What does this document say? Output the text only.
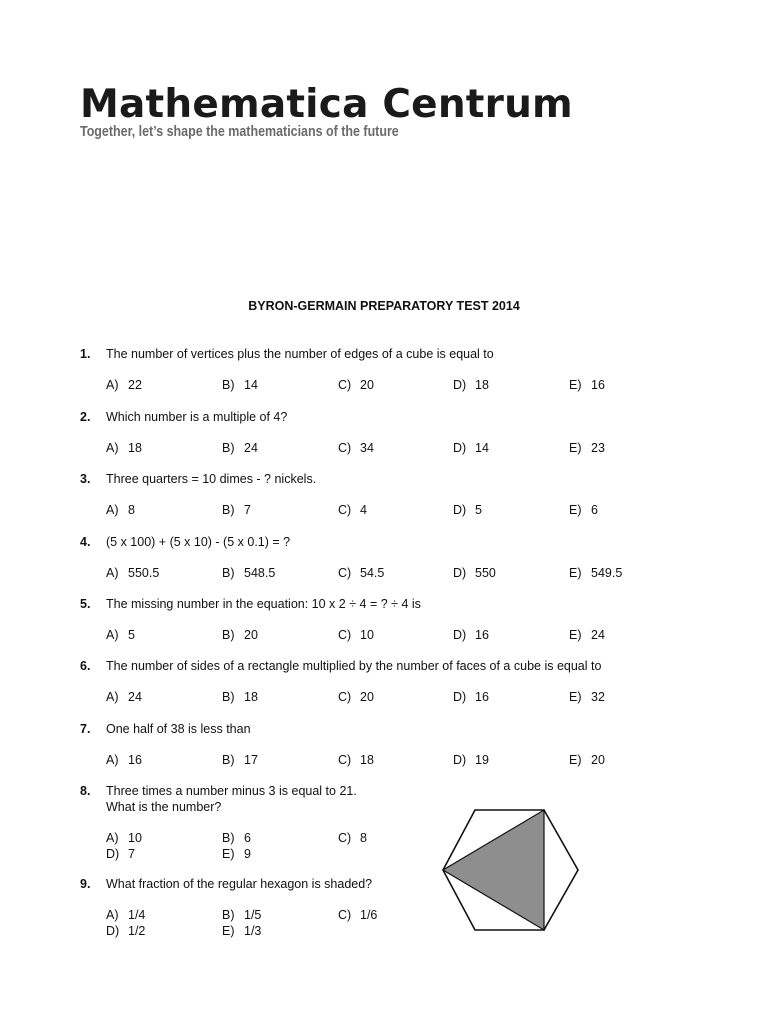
Mathematica Centrum
Together, let’s shape the mathematicians of the future
BYRON-GERMAIN PREPARATORY TEST 2014
1.	The number of vertices plus the number of edges of a cube is equal to
A) 22	B) 14	C) 20	D) 18	E) 16
2.	Which number is a multiple of 4?
A) 18	B) 24	C) 34	D) 14	E) 23
3.	Three quarters = 10 dimes - ? nickels.
A) 8	B) 7	C) 4	D) 5	E) 6
4.	(5 x 100) + (5 x 10) - (5 x 0.1) = ?
A) 550.5	B) 548.5	C) 54.5	D) 550	E) 549.5
5.	The missing number in the equation: 10 x 2 ÷ 4 = ? ÷ 4 is
A) 5	B) 20	C) 10	D) 16	E) 24
6.	The number of sides of a rectangle multiplied by the number of faces of a cube is equal to
A) 24	B) 18	C) 20	D) 16	E) 32
7.	One half of 38 is less than
A) 16	B) 17	C) 18	D) 19	E) 20
8.	Three times a number minus 3 is equal to 21.
What is the number?
A) 10	B) 6	C) 8
D) 7	E) 9
9.	What fraction of the regular hexagon is shaded?
A) 1/4	B) 1/5	C) 1/6
D) 1/2	E) 1/3
